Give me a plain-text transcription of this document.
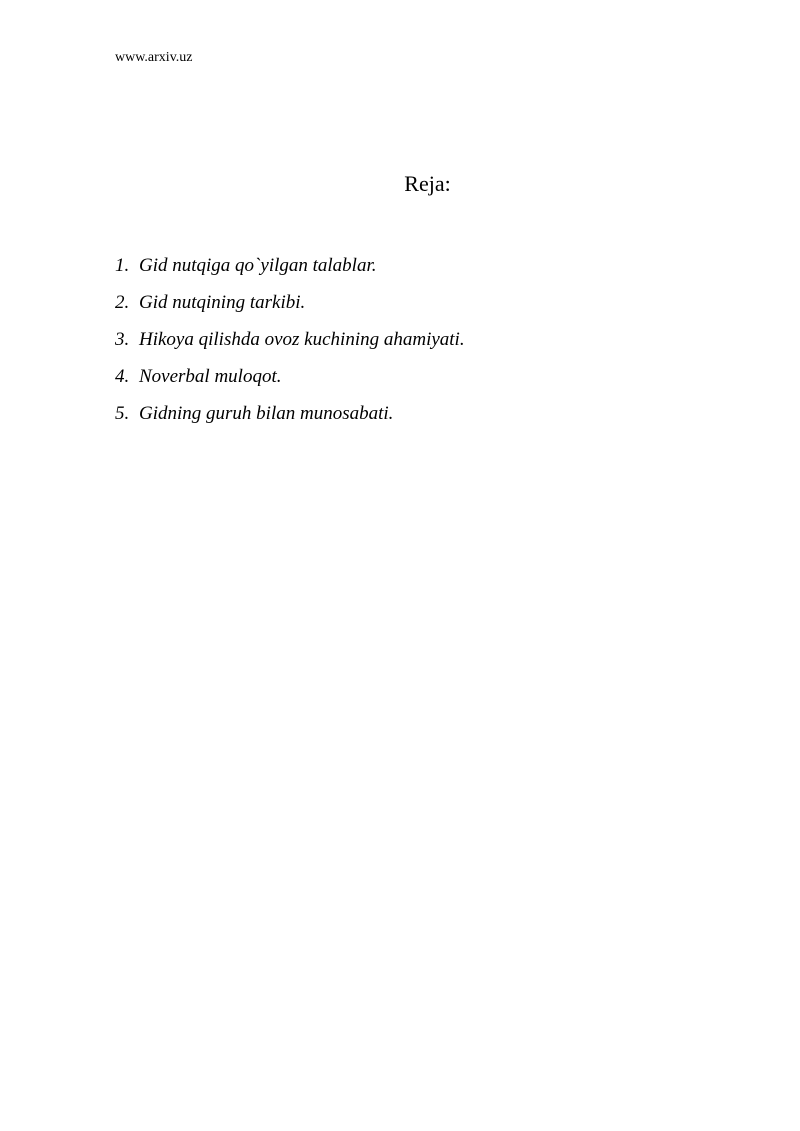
www.arxiv.uz
Reja:
1. Gid nutqiga qo`yilgan talablar.
2. Gid nutqining tarkibi.
3. Hikoya qilishda ovoz kuchining ahamiyati.
4. Noverbal muloqot.
5. Gidning guruh bilan munosabati.
